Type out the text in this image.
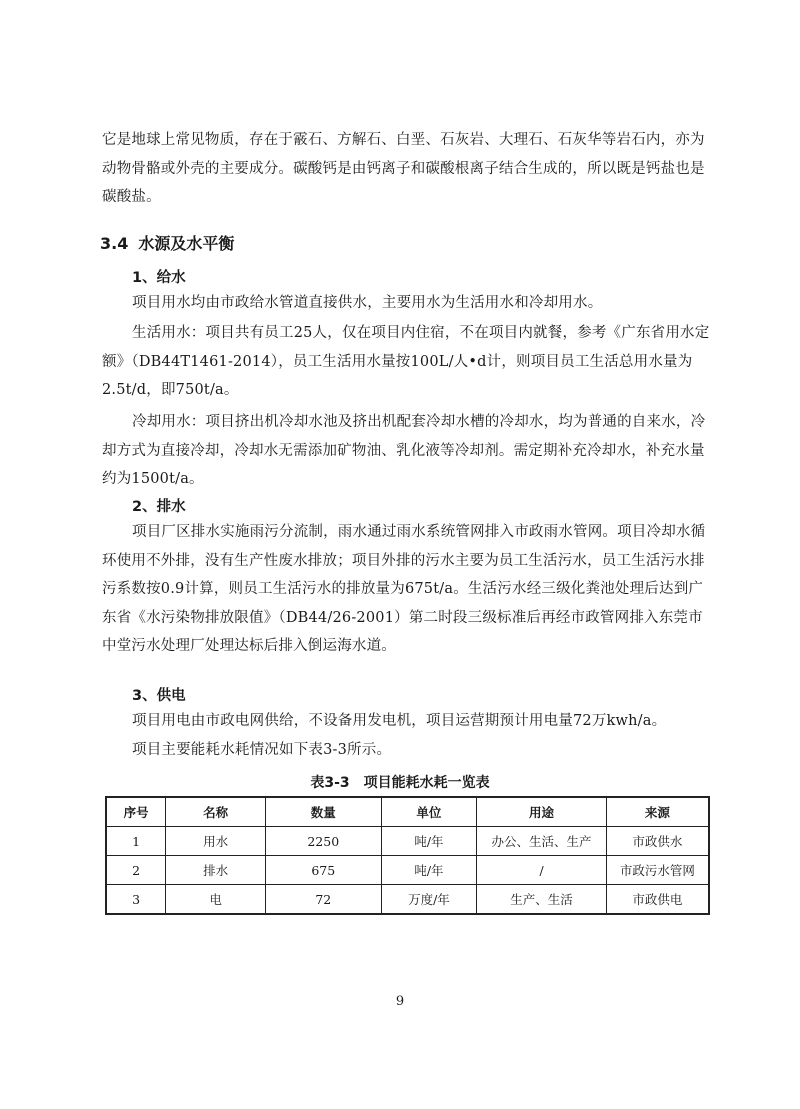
它是地球上常见物质，存在于霰石、方解石、白垩、石灰岩、大理石、石灰华等岩石内，亦为动物骨骼或外壳的主要成分。碳酸钙是由钙离子和碳酸根离子结合生成的，所以既是钙盐也是碳酸盐。

3.4 水源及水平衡
1、给水

项目用水均由市政给水管道直接供水，主要用水为生活用水和冷却用水。

生活用水：项目共有员工25人，仅在项目内住宿，不在项目内就餐，参考《广东省用水定额》（DB44T1461-2014），员工生活用水量按100L/人•d计，则项目员工生活总用水量为2.5t/d，即750t/a。

冷却用水：项目挤出机冷却水池及挤出机配套冷却水槽的冷却水，均为普通的自来水，冷却方式为直接冷却，冷却水无需添加矿物油、乳化液等冷却剂。需定期补充冷却水，补充水量约为1500t/a。

2、排水

项目厂区排水实施雨污分流制，雨水通过雨水系统管网排入市政雨水管网。项目冷却水循环使用不外排，没有生产性废水排放；项目外排的污水主要为员工生活污水，员工生活污水排污系数按0.9计算，则员工生活污水的排放量为675t/a。生活污水经三级化粪池处理后达到广东省《水污染物排放限值》（DB44/26-2001）第二时段三级标准后再经市政管网排入东莞市中堂污水处理厂处理达标后排入倒运海水道。

3、供电

项目用电由市政电网供给，不设备用发电机，项目运营期预计用电量72万kwh/a。

项目主要能耗水耗情况如下表3-3所示。

表3-3 项目能耗水耗一览表
序号	名称	数量	单位	用途	来源
1	用水	2250	吨/年	办公、生活、生产	市政供水
2	排水	675	吨/年	/	市政污水管网
3	电	72	万度/年	生产、生活	市政供电
9
